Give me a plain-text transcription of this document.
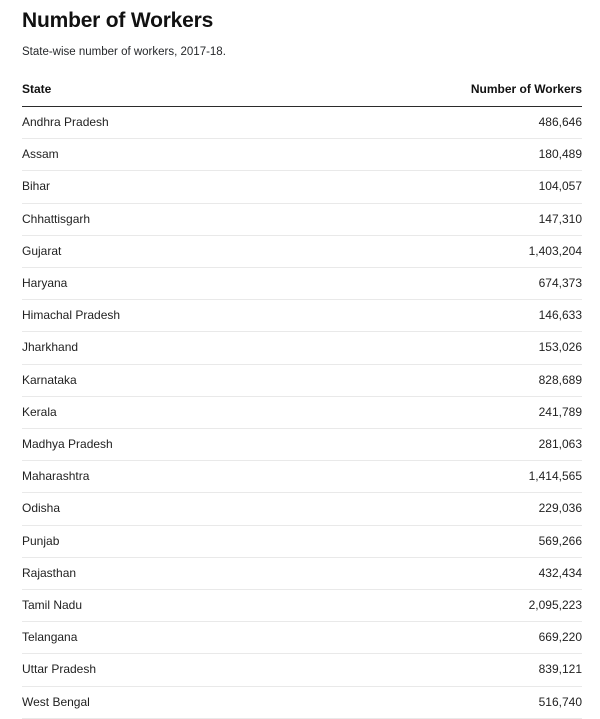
Number of Workers

State-wise number of workers, 2017-18.

State	Number of Workers
Andhra Pradesh	486,646
Assam	180,489
Bihar	104,057
Chhattisgarh	147,310
Gujarat	1,403,204
Haryana	674,373
Himachal Pradesh	146,633
Jharkhand	153,026
Karnataka	828,689
Kerala	241,789
Madhya Pradesh	281,063
Maharashtra	1,414,565
Odisha	229,036
Punjab	569,266
Rajasthan	432,434
Tamil Nadu	2,095,223
Telangana	669,220
Uttar Pradesh	839,121
West Bengal	516,740
